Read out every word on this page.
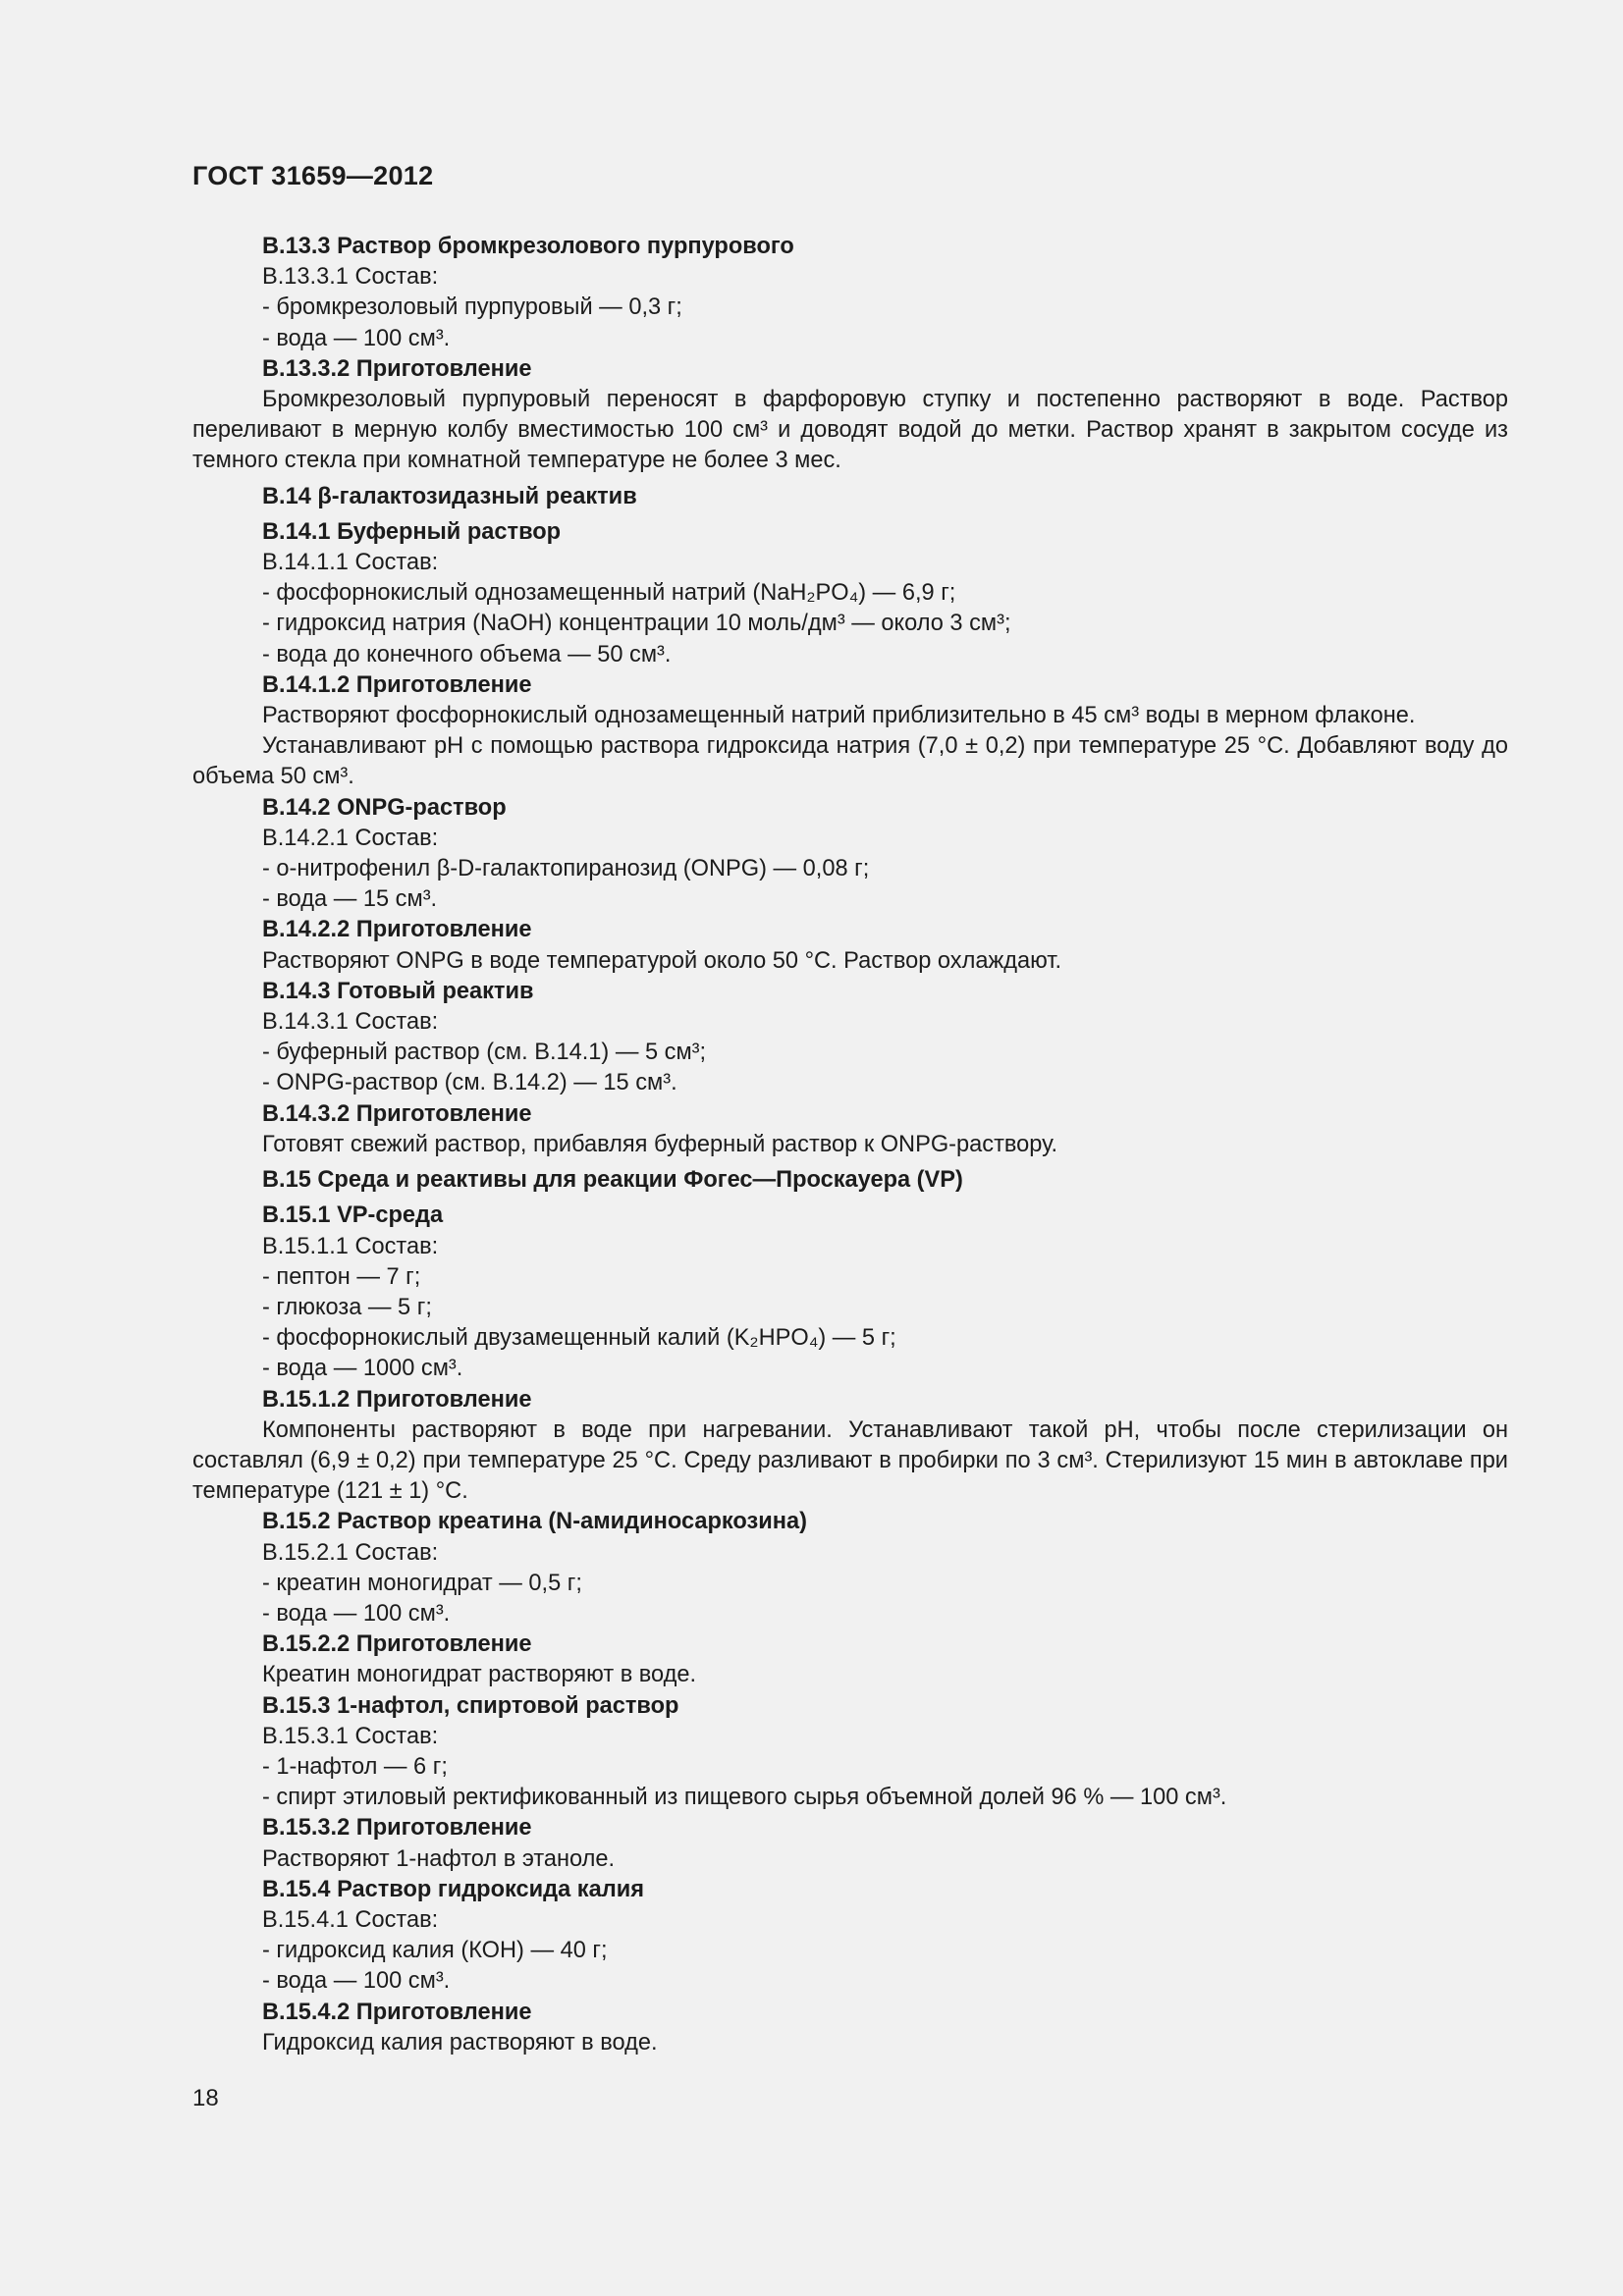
ГОСТ 31659—2012

В.13.3 Раствор бромкрезолового пурпурового

В.13.3.1 Состав:

- бромкрезоловый пурпуровый — 0,3 г;

- вода — 100 см³.

В.13.3.2 Приготовление

Бромкрезоловый пурпуровый переносят в фарфоровую ступку и постепенно растворяют в воде. Раствор переливают в мерную колбу вместимостью 100 см³ и доводят водой до метки. Раствор хранят в закрытом сосуде из темного стекла при комнатной температуре не более 3 мес.

В.14 β-галактозидазный реактив

В.14.1 Буферный раствор

В.14.1.1 Состав:

- фосфорнокислый однозамещенный натрий (NaH₂PO₄) — 6,9 г;

- гидроксид натрия (NaOH) концентрации 10 моль/дм³ — около 3 см³;

- вода до конечного объема — 50 см³.

В.14.1.2 Приготовление

Растворяют фосфорнокислый однозамещенный натрий приблизительно в 45 см³ воды в мерном флаконе.

Устанавливают pH с помощью раствора гидроксида натрия (7,0 ± 0,2) при температуре 25 °С. Добавляют воду до объема 50 см³.

В.14.2 ONPG-раствор

В.14.2.1 Состав:

- о-нитрофенил β-D-галактопиранозид (ONPG) — 0,08 г;

- вода — 15 см³.

В.14.2.2 Приготовление

Растворяют ONPG в воде температурой около 50 °С. Раствор охлаждают.

В.14.3 Готовый реактив

В.14.3.1 Состав:

- буферный раствор (см. В.14.1) — 5 см³;

- ONPG-раствор (см. В.14.2) — 15 см³.

В.14.3.2 Приготовление

Готовят свежий раствор, прибавляя буферный раствор к ONPG-раствору.

В.15 Среда и реактивы для реакции Фогес—Проскауера (VP)

В.15.1 VP-среда

В.15.1.1 Состав:

- пептон — 7 г;

- глюкоза — 5 г;

- фосфорнокислый двузамещенный калий (K₂HPO₄) — 5 г;

- вода — 1000 см³.

В.15.1.2 Приготовление

Компоненты растворяют в воде при нагревании. Устанавливают такой pH, чтобы после стерилизации он составлял (6,9 ± 0,2) при температуре 25 °С. Среду разливают в пробирки по 3 см³. Стерилизуют 15 мин в автоклаве при температуре (121 ± 1) °С.

В.15.2 Раствор креатина (N-амидиносаркозина)

В.15.2.1 Состав:

- креатин моногидрат — 0,5 г;

- вода — 100 см³.

В.15.2.2 Приготовление

Креатин моногидрат растворяют в воде.

В.15.3 1-нафтол, спиртовой раствор

В.15.3.1 Состав:

- 1-нафтол — 6 г;

- спирт этиловый ректификованный из пищевого сырья объемной долей 96 % — 100 см³.

В.15.3.2 Приготовление

Растворяют 1-нафтол в этаноле.

В.15.4 Раствор гидроксида калия

В.15.4.1 Состав:

- гидроксид калия (КОН) — 40 г;

- вода — 100 см³.

В.15.4.2 Приготовление

Гидроксид калия растворяют в воде.

18
